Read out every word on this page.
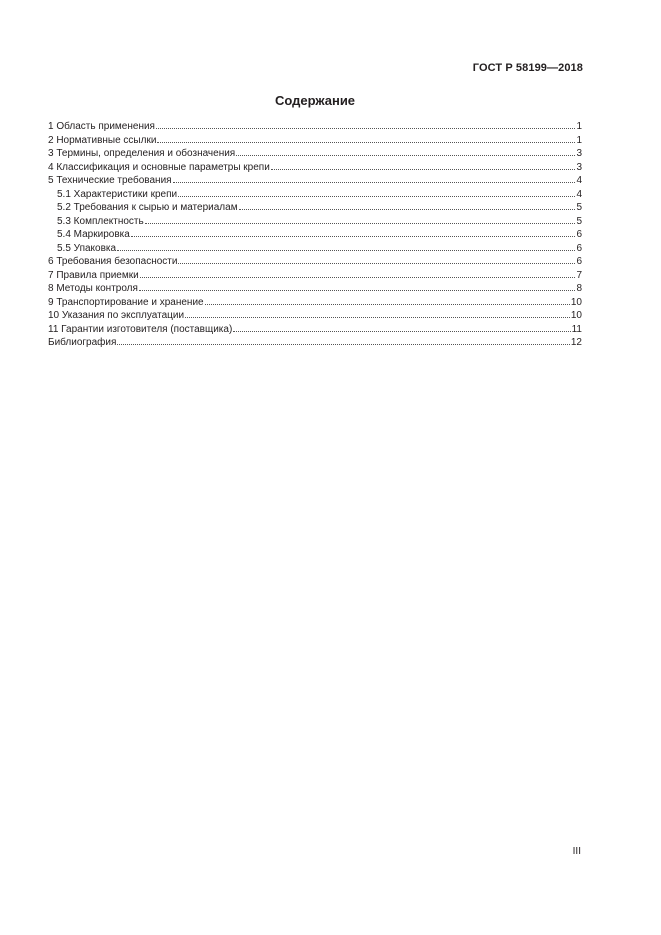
ГОСТ Р 58199—2018
Содержание
1 Область применения	1
2 Нормативные ссылки	1
3 Термины, определения и обозначения	3
4 Классификация и основные параметры крепи	3
5 Технические требования	4
5.1 Характеристики крепи	4
5.2 Требования к сырью и материалам	5
5.3 Комплектность	5
5.4 Маркировка	6
5.5 Упаковка	6
6 Требования безопасности	6
7 Правила приемки	7
8 Методы контроля	8
9 Транспортирование и хранение	10
10 Указания по эксплуатации	10
11 Гарантии изготовителя (поставщика)	11
Библиография	12
III
